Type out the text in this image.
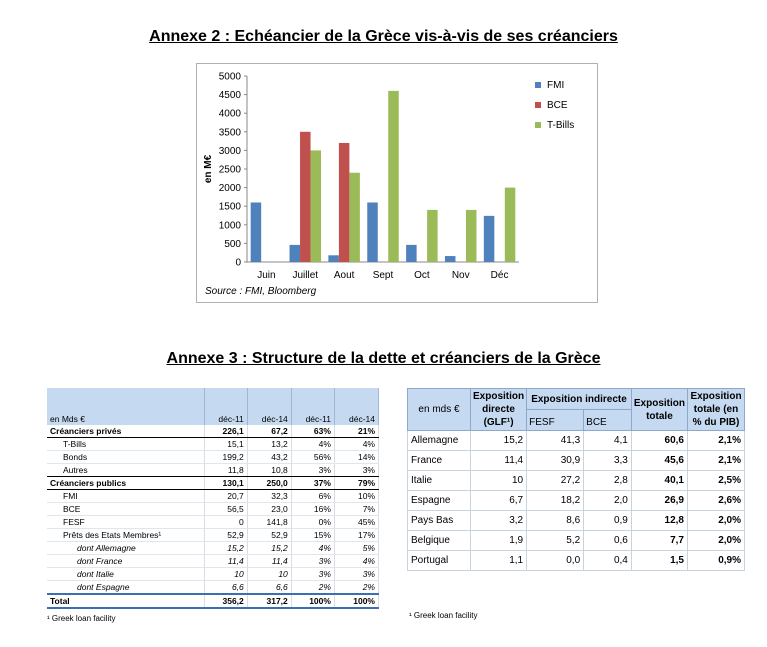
Annexe 2 : Echéancier de la Grèce vis-à-vis de ses créanciers
0
500
1000
1500
2000
2500
3000
3500
4000
4500
5000
en M€
Juin Juillet Aout Sept Oct Nov Déc
FMI
BCE
T-Bills
Source : FMI, Bloomberg
Annexe 3 : Structure de la dette et créanciers de la Grèce
en Mds €	déc-11	déc-14	déc-11	déc-14
Créanciers privés	226,1	67,2	63%	21%
T-Bills	15,1	13,2	4%	4%
Bonds	199,2	43,2	56%	14%
Autres	11,8	10,8	3%	3%
Créanciers publics	130,1	250,0	37%	79%
FMI	20,7	32,3	6%	10%
BCE	56,5	23,0	16%	7%
FESF	0	141,8	0%	45%
Prêts des Etats Membres¹	52,9	52,9	15%	17%
dont Allemagne	15,2	15,2	4%	5%
dont France	11,4	11,4	3%	4%
dont Italie	10	10	3%	3%
dont Espagne	6,6	6,6	2%	2%
Total	356,2	317,2	100%	100%
¹ Greek loan facility
en mds €	Exposition directe (GLF¹)	Exposition indirecte		Exposition totale	Exposition totale (en % du PIB)
		FESF	BCE		
Allemagne	15,2	41,3	4,1	60,6	2,1%
France	11,4	30,9	3,3	45,6	2,1%
Italie	10	27,2	2,8	40,1	2,5%
Espagne	6,7	18,2	2,0	26,9	2,6%
Pays Bas	3,2	8,6	0,9	12,8	2,0%
Belgique	1,9	5,2	0,6	7,7	2,0%
Portugal	1,1	0,0	0,4	1,5	0,9%
¹ Greek loan facility
